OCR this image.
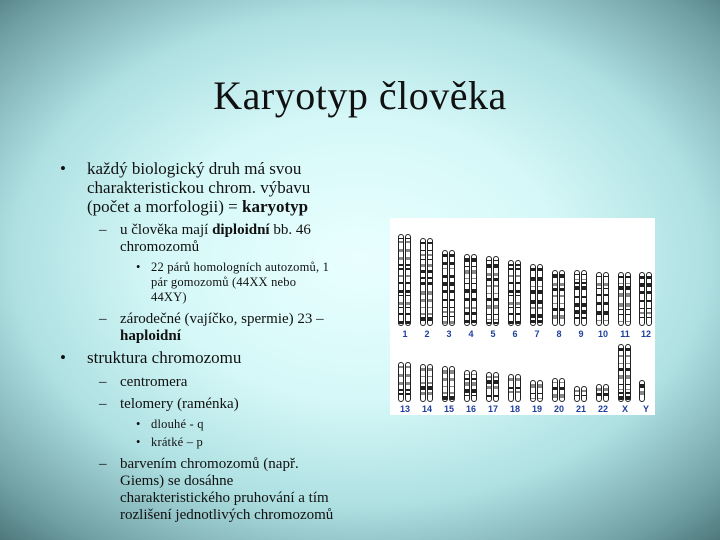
Karyotyp člověka
• každý biologický druh má svou
charakteristickou chrom. výbavu
(počet a morfologii) = karyotyp
– u člověka mají diploidní bb. 46
chromozomů
• 22 párů homologních autozomů, 1
pár gomozomů (44XX nebo
44XY)
– zárodečné (vajíčko, spermie) 23 –
haploidní
• struktura chromozomu
– centromera
– telomery (raménka)
• dlouhé - q
• krátké – p
– barvením chromozomů (např.
Giems) se dosáhne
charakteristického pruhování a tím
rozlišení jednotlivých chromozomů
1	2	3	4	5	6	7	8	9	10	11	12
13	14	15	16	17	18	19	20	21	22	X	Y
